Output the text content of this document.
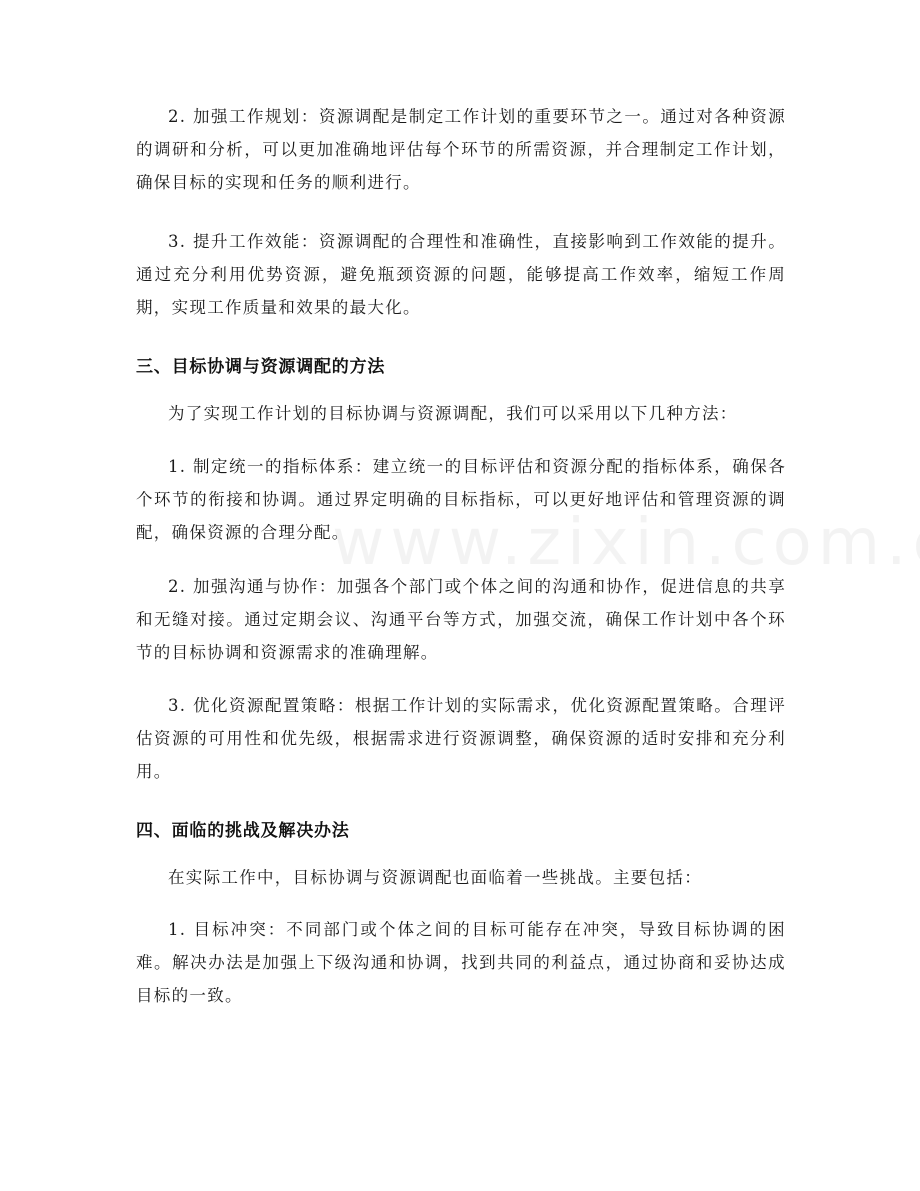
2. 加强工作规划：资源调配是制定工作计划的重要环节之一。通过对各种资源的调研和分析，可以更加准确地评估每个环节的所需资源，并合理制定工作计划，确保目标的实现和任务的顺利进行。

3. 提升工作效能：资源调配的合理性和准确性，直接影响到工作效能的提升。通过充分利用优势资源，避免瓶颈资源的问题，能够提高工作效率，缩短工作周期，实现工作质量和效果的最大化。

三、目标协调与资源调配的方法

为了实现工作计划的目标协调与资源调配，我们可以采用以下几种方法：

1. 制定统一的指标体系：建立统一的目标评估和资源分配的指标体系，确保各个环节的衔接和协调。通过界定明确的目标指标，可以更好地评估和管理资源的调配，确保资源的合理分配。

2. 加强沟通与协作：加强各个部门或个体之间的沟通和协作，促进信息的共享和无缝对接。通过定期会议、沟通平台等方式，加强交流，确保工作计划中各个环节的目标协调和资源需求的准确理解。

3. 优化资源配置策略：根据工作计划的实际需求，优化资源配置策略。合理评估资源的可用性和优先级，根据需求进行资源调整，确保资源的适时安排和充分利用。

四、面临的挑战及解决办法

在实际工作中，目标协调与资源调配也面临着一些挑战。主要包括：

1. 目标冲突：不同部门或个体之间的目标可能存在冲突，导致目标协调的困难。解决办法是加强上下级沟通和协调，找到共同的利益点，通过协商和妥协达成目标的一致。
